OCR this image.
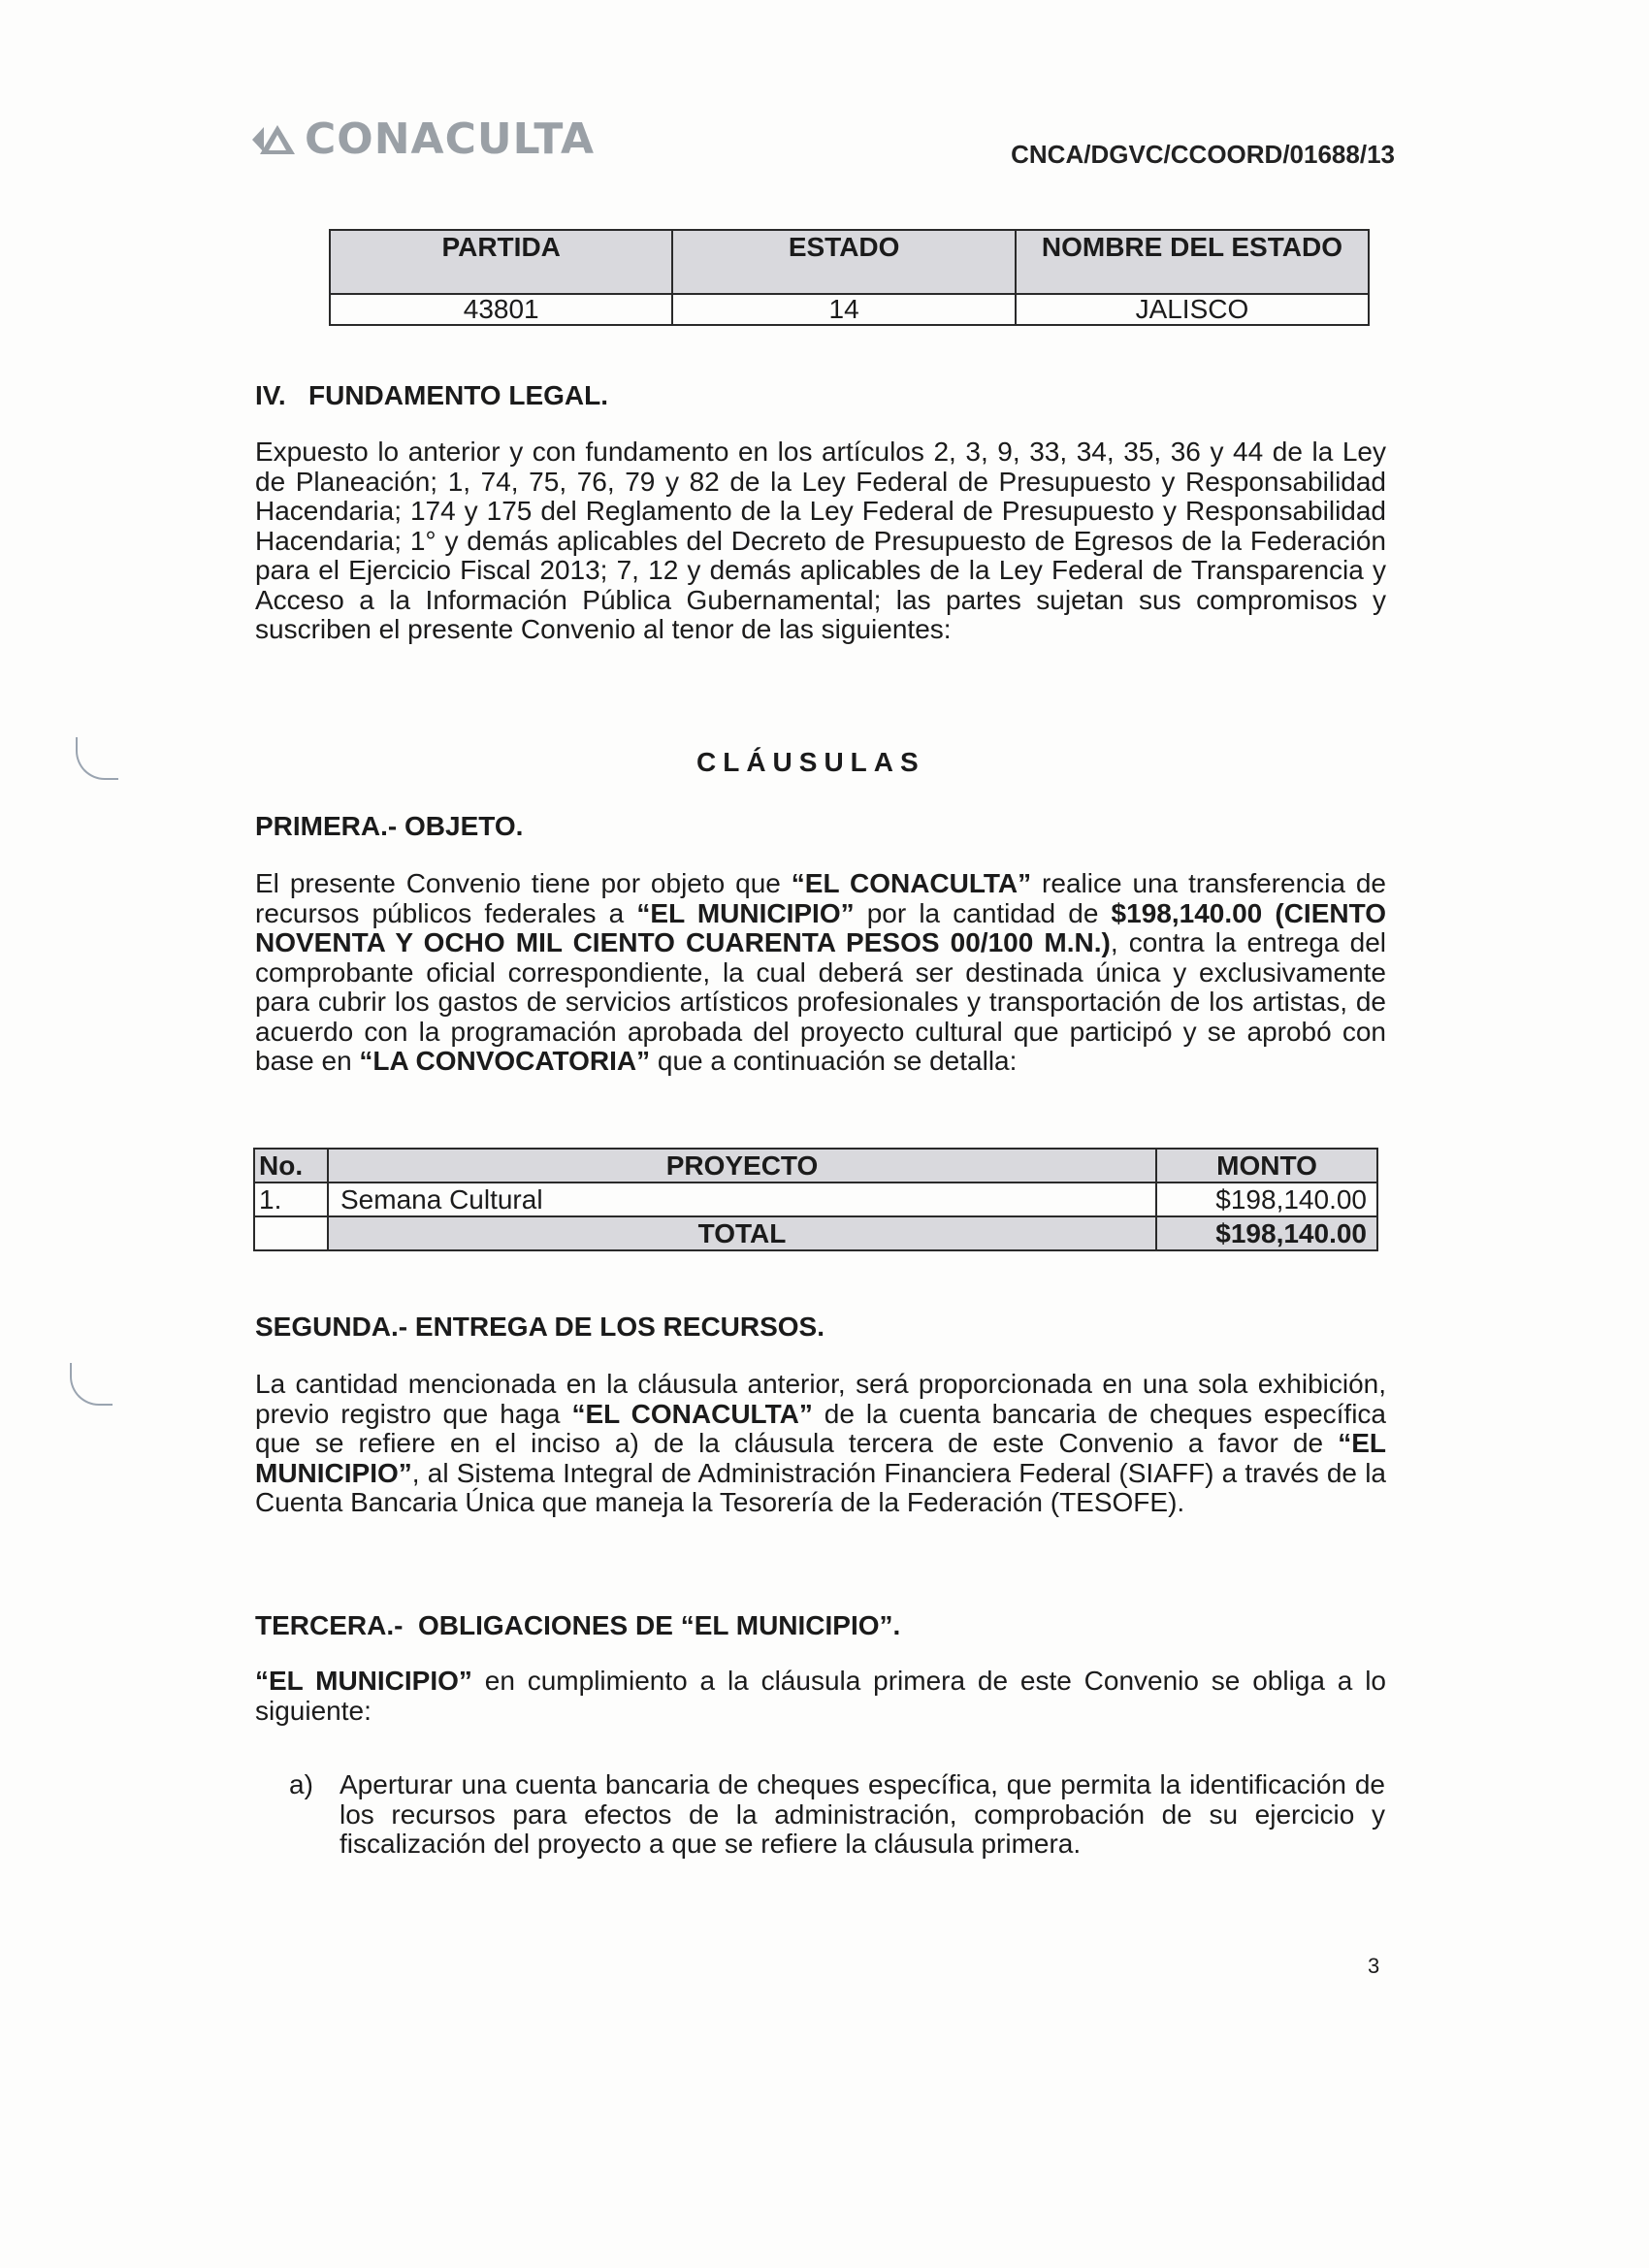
CONACULTA	CNCA/DGVC/CCOORD/01688/13
PARTIDA	ESTADO	NOMBRE DEL ESTADO
43801	14	JALISCO
IV.   FUNDAMENTO LEGAL.
Expuesto lo anterior y con fundamento en los artículos 2, 3, 9, 33, 34, 35, 36 y 44 de la Ley de Planeación; 1, 74, 75, 76, 79 y 82 de la Ley Federal de Presupuesto y Responsabilidad Hacendaria; 174 y 175 del Reglamento de la Ley Federal de Presupuesto y Responsabilidad Hacendaria; 1° y demás aplicables del Decreto de Presupuesto de Egresos de la Federación para el Ejercicio Fiscal 2013; 7, 12 y demás aplicables de la Ley Federal de Transparencia y Acceso a la Información Pública Gubernamental; las partes sujetan sus compromisos y suscriben el presente Convenio al tenor de las siguientes:
CLÁUSULAS
PRIMERA.- OBJETO.
El presente Convenio tiene por objeto que “EL CONACULTA” realice una transferencia de recursos públicos federales a “EL MUNICIPIO” por la cantidad de $198,140.00 (CIENTO NOVENTA Y OCHO MIL CIENTO CUARENTA PESOS 00/100 M.N.), contra la entrega del comprobante oficial correspondiente, la cual deberá ser destinada única y exclusivamente para cubrir los gastos de servicios artísticos profesionales y transportación de los artistas, de acuerdo con la programación aprobada del proyecto cultural que participó y se aprobó con base en “LA CONVOCATORIA” que a continuación se detalla:
No.	PROYECTO	MONTO
1.	Semana Cultural	$198,140.00
	TOTAL	$198,140.00
SEGUNDA.- ENTREGA DE LOS RECURSOS.
La cantidad mencionada en la cláusula anterior, será proporcionada en una sola exhibición, previo registro que haga “EL CONACULTA” de la cuenta bancaria de cheques específica que se refiere en el inciso a) de la cláusula tercera de este Convenio a favor de “EL MUNICIPIO”, al Sistema Integral de Administración Financiera Federal (SIAFF) a través de la Cuenta Bancaria Única que maneja la Tesorería de la Federación (TESOFE).
TERCERA.-  OBLIGACIONES DE “EL MUNICIPIO”.
“EL MUNICIPIO” en cumplimiento a la cláusula primera de este Convenio se obliga a lo siguiente:
a) Aperturar una cuenta bancaria de cheques específica, que permita la identificación de los recursos para efectos de la administración, comprobación de su ejercicio y fiscalización del proyecto a que se refiere la cláusula primera.
3
